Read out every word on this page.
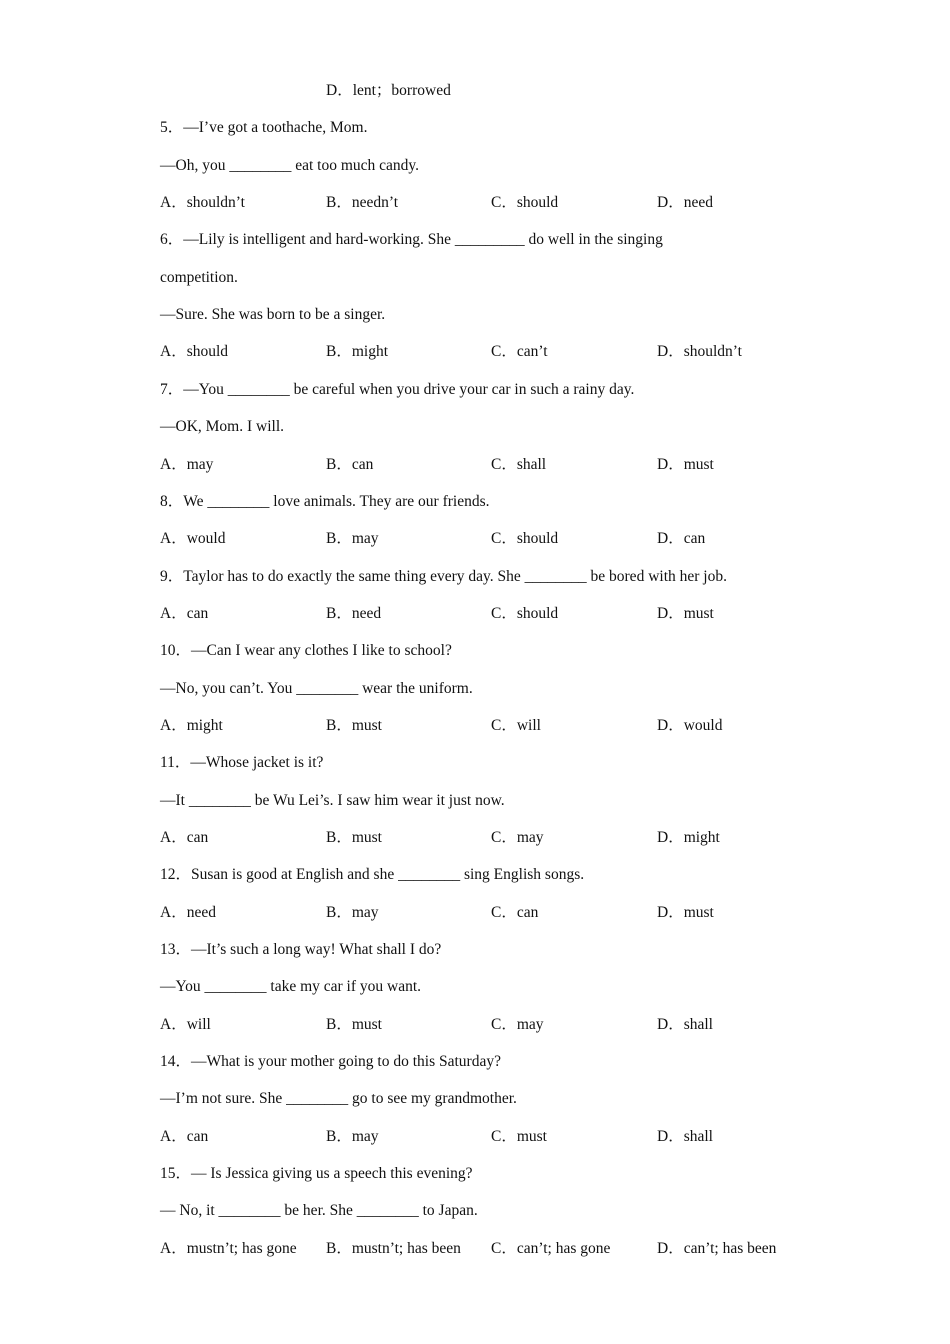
D．lent；borrowed
5．—I’ve got a toothache, Mom.
—Oh, you ________ eat too much candy.
A．shouldn’t	B．needn’t	C．should	D．need
6．—Lily is intelligent and hard-working. She _________ do well in the singing
competition.
—Sure. She was born to be a singer.
A．should	B．might	C．can’t	D．shouldn’t
7．—You ________ be careful when you drive your car in such a rainy day.
—OK, Mom. I will.
A．may	B．can	C．shall	D．must
8．We ________ love animals. They are our friends.
A．would	B．may	C．should	D．can
9．Taylor has to do exactly the same thing every day. She ________ be bored with her job.
A．can	B．need	C．should	D．must
10．—Can I wear any clothes I like to school?
—No, you can’t. You ________ wear the uniform.
A．might	B．must	C．will	D．would
11．—Whose jacket is it?
—It ________ be Wu Lei’s. I saw him wear it just now.
A．can	B．must	C．may	D．might
12．Susan is good at English and she ________ sing English songs.
A．need	B．may	C．can	D．must
13．—It’s such a long way! What shall I do?
—You ________ take my car if you want.
A．will	B．must	C．may	D．shall
14．—What is your mother going to do this Saturday?
—I’m not sure. She ________ go to see my grandmother.
A．can	B．may	C．must	D．shall
15．— Is Jessica giving us a speech this evening?
— No, it ________ be her. She ________ to Japan.
A．mustn’t; has gone B．mustn’t; has been C．can’t; has gone	D．can’t; has been
